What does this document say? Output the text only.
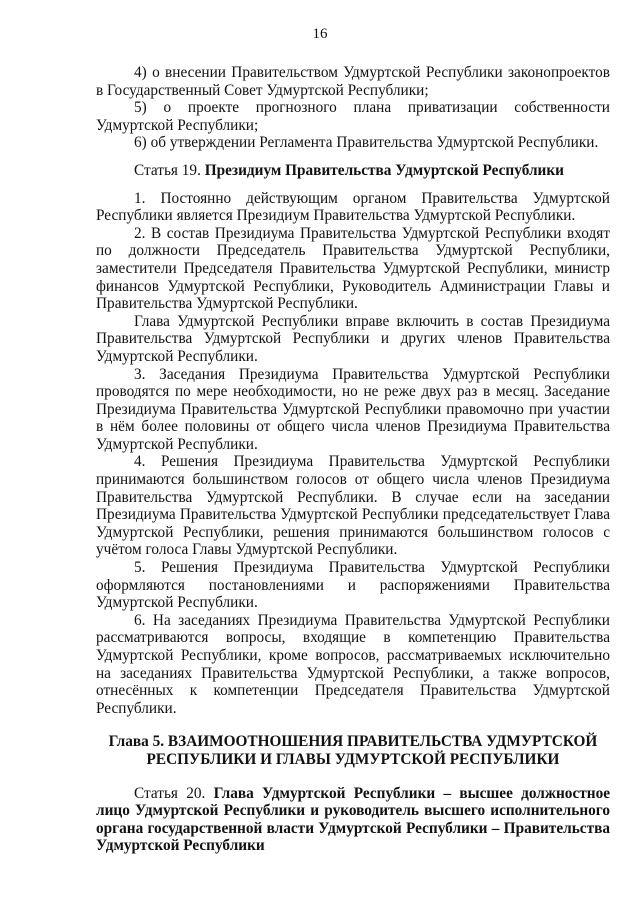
16

4) о внесении Правительством Удмуртской Республики законопроектов в Государственный Совет Удмуртской Республики;

5) о проекте прогнозного плана приватизации собственности Удмуртской Республики;

6) об утверждении Регламента Правительства Удмуртской Республики.

Статья 19. Президиум Правительства Удмуртской Республики

1. Постоянно действующим органом Правительства Удмуртской Республики является Президиум Правительства Удмуртской Республики.

2. В состав Президиума Правительства Удмуртской Республики входят по должности Председатель Правительства Удмуртской Республики, заместители Председателя Правительства Удмуртской Республики, министр финансов Удмуртской Республики, Руководитель Администрации Главы и Правительства Удмуртской Республики.

Глава Удмуртской Республики вправе включить в состав Президиума Правительства Удмуртской Республики и других членов Правительства Удмуртской Республики.

3. Заседания Президиума Правительства Удмуртской Республики проводятся по мере необходимости, но не реже двух раз в месяц. Заседание Президиума Правительства Удмуртской Республики правомочно при участии в нём более половины от общего числа членов Президиума Правительства Удмуртской Республики.

4. Решения Президиума Правительства Удмуртской Республики принимаются большинством голосов от общего числа членов Президиума Правительства Удмуртской Республики. В случае если на заседании Президиума Правительства Удмуртской Республики председательствует Глава Удмуртской Республики, решения принимаются большинством голосов с учётом голоса Главы Удмуртской Республики.

5. Решения Президиума Правительства Удмуртской Республики оформляются постановлениями и распоряжениями Правительства Удмуртской Республики.

6. На заседаниях Президиума Правительства Удмуртской Республики рассматриваются вопросы, входящие в компетенцию Правительства Удмуртской Республики, кроме вопросов, рассматриваемых исключительно на заседаниях Правительства Удмуртской Республики, а также вопросов, отнесённых к компетенции Председателя Правительства Удмуртской Республики.

Глава 5. ВЗАИМООТНОШЕНИЯ ПРАВИТЕЛЬСТВА УДМУРТСКОЙ
РЕСПУБЛИКИ И ГЛАВЫ УДМУРТСКОЙ РЕСПУБЛИКИ

Статья 20. Глава Удмуртской Республики – высшее должностное лицо Удмуртской Республики и руководитель высшего исполнительного органа государственной власти Удмуртской Республики – Правительства Удмуртской Республики
